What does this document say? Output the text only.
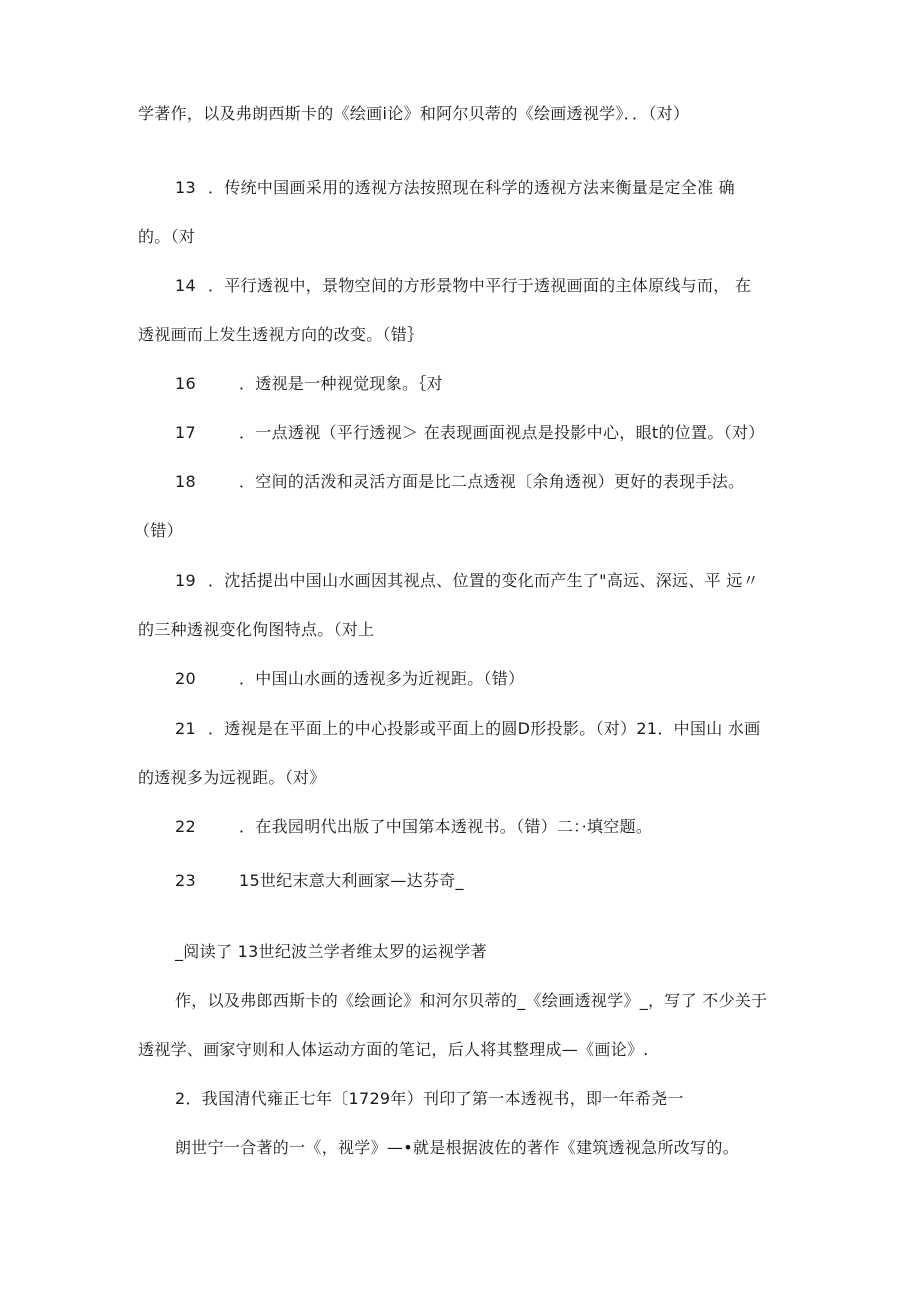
学著作，以及弗朗西斯卡的《绘画i论》和阿尔贝蒂的《绘画透视学》．．（对）
13 ．传统中国画采用的透视方法按照现在科学的透视方法来衡量是定全准 确
的。（对
14 ．平行透视中，景物空间的方形景物中平行于透视画面的主体原线与而， 在
透视画而上发生透视方向的改变。（错｝
16	．透视是一种视觉现象。｛对
17	．一点透视（平行透视＞ 在表现画面视点是投影中心，眼t的位置。（对）
18	．空间的活泼和灵活方面是比二点透视〔余角透视）更好的表现手法。
（错）
19 ．沈括提出中国山水画因其视点、位置的变化而产生了"高远、深远、平 远〃
的三种透视变化佝图特点。（对上
20	．中国山水画的透视多为近视距。（错）
21 ．透视是在平面上的中心投影或平面上的圆D形投影。（对）21．中国山 水画
的透视多为远视距。（对》
22	．在我园明代出版了中国第本透视书。（错）二：·填空题。
23	15世纪末意大利画家—达芬奇_
_阅读了 13世纪波兰学者维太罗的运视学著
作，以及弗郎西斯卡的《绘画论》和河尔贝蒂的_《绘画透视学》_，写了 不少关于
透视学、画家守则和人体运动方面的笔记，后人将其整理成—《画论》.
2．我国清代雍正七年〔1729年）刊印了第一本透视书，即一年希尧一
朗世宁一合著的一《，视学》—•就是根据波佐的著作《建筑透视急所改写的。
